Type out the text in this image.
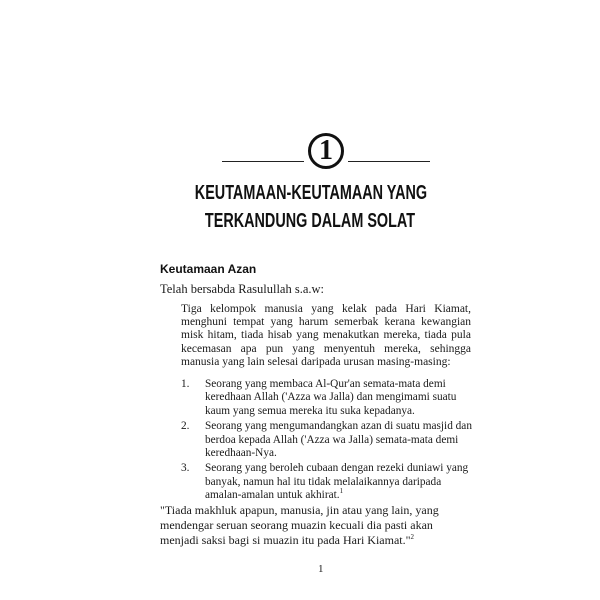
1
KEUTAMAAN-KEUTAMAAN YANG
TERKANDUNG DALAM SOLAT
Keutamaan Azan
Telah bersabda Rasulullah s.a.w:
Tiga kelompok manusia yang kelak pada Hari Kiamat, menghuni tempat yang harum semerbak kerana kewangian misk hitam, tiada hisab yang menakutkan mereka, tiada pula kecemasan apa pun yang menyentuh mereka, sehingga manusia yang lain selesai daripada urusan masing-masing:
1.	Seorang yang membaca Al-Qur'an semata-mata demi keredhaan Allah ('Azza wa Jalla) dan mengimami suatu kaum yang semua mereka itu suka kepadanya.
2.	Seorang yang mengumandangkan azan di suatu masjid dan berdoa kepada Allah ('Azza wa Jalla) semata-mata demi keredhaan-Nya.
3.	Seorang yang beroleh cubaan dengan rezeki duniawi yang banyak, namun hal itu tidak melalaikannya daripada amalan-amalan untuk akhirat.$^1$
"Tiada makhluk apapun, manusia, jin atau yang lain, yang mendengar seruan seorang muazin kecuali dia pasti akan menjadi saksi bagi si muazin itu pada Hari Kiamat."$^2$
1
